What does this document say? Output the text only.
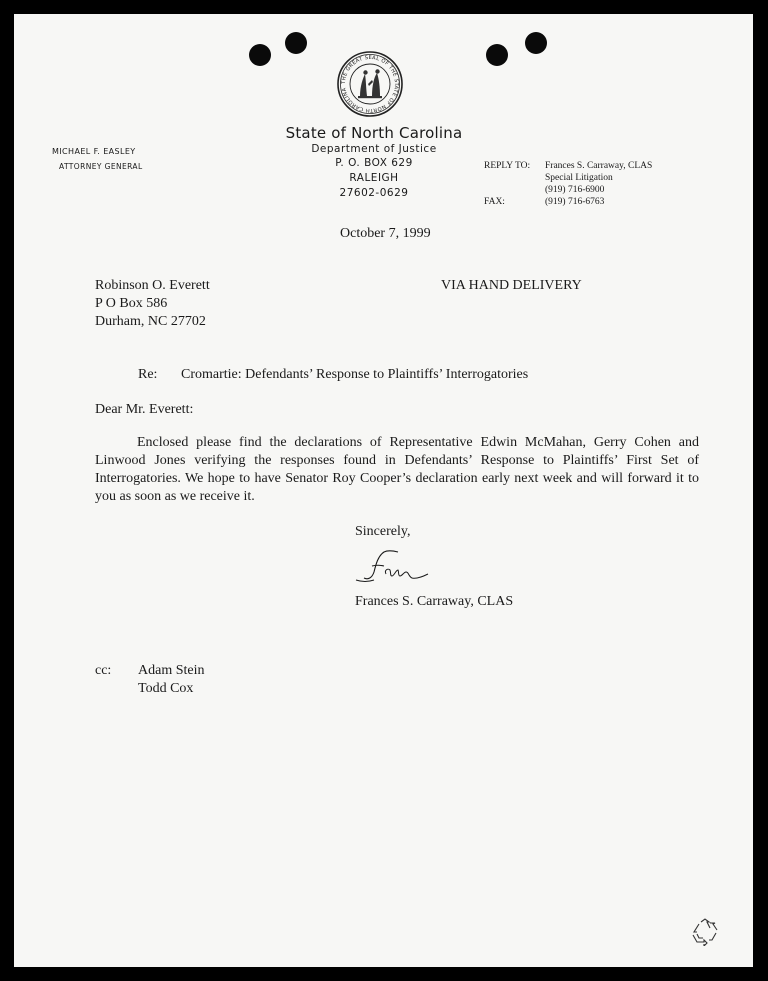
THE GREAT SEAL OF THE STATE OF NORTH CAROLINA
State of North Carolina
Department of Justice
P. O. BOX 629
RALEIGH
27602-0629
MICHAEL F. EASLEY
ATTORNEY GENERAL	REPLY TO: Frances S. Carraway, CLAS
Special Litigation
(919) 716-6900
FAX:	(919) 716-6763
October 7, 1999
Robinson O. Everett
P O Box 586
Durham, NC 27702
VIA HAND DELIVERY
Re: Cromartie: Defendants’ Response to Plaintiffs’ Interrogatories
Dear Mr. Everett:
Enclosed please find the declarations of Representative Edwin McMahan, Gerry Cohen and Linwood Jones verifying the responses found in Defendants’ Response to Plaintiffs’ First Set of Interrogatories. We hope to have Senator Roy Cooper’s declaration early next week and will forward it to you as soon as we receive it.
Sincerely,
Frances S. Carraway, CLAS
cc: Adam Stein
Todd Cox
